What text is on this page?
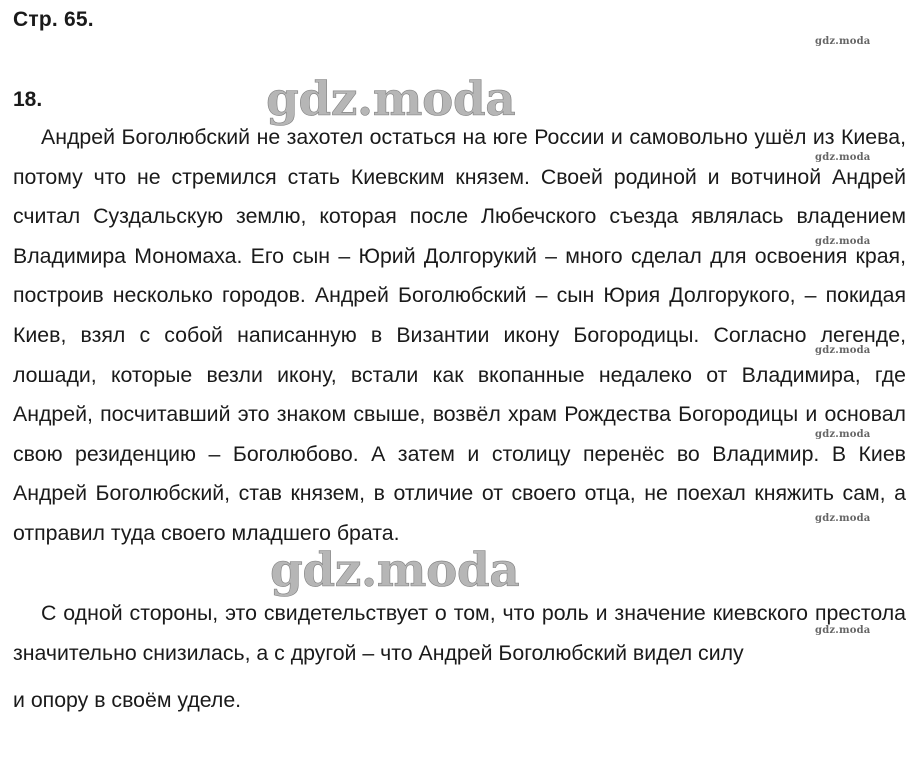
Стр. 65.
gdz.moda
18.	gdz.moda

Андрей Боголюбский не захотел остаться на юге России и самовольно ушёл из Киева, потому что не стремился стать Киевским князем. Своей родиной и вотчиной Андрей считал Суздальскую землю, которая после Любечского съезда являлась владением Владимира Мономаха. Его сын – Юрий Долгорукий – много сделал для освоения края, построив несколько городов. Андрей Боголюбский – сын Юрия Долгорукого, – покидая Киев, взял с собой написанную в Византии икону Богородицы. Согласно легенде, лошади, которые везли икону, встали как вкопанные недалеко от Владимира, где Андрей, посчитавший это знаком свыше, возвёл храм Рождества Богородицы и основал свою резиденцию – Боголюбово. А затем и столицу перенёс во Владимир. В Киев Андрей Боголюбский, став князем, в отличие от своего отца, не поехал княжить сам, а отправил туда своего младшего брата.

С одной стороны, это свидетельствует о том, что роль и значение киевского престола значительно снизилась, а с другой – что Андрей Боголюбский видел силу
и опору в своём уделе.

gdz.moda
gdz.moda
gdz.moda
gdz.moda
gdz.moda
gdz.moda
gdz.moda
